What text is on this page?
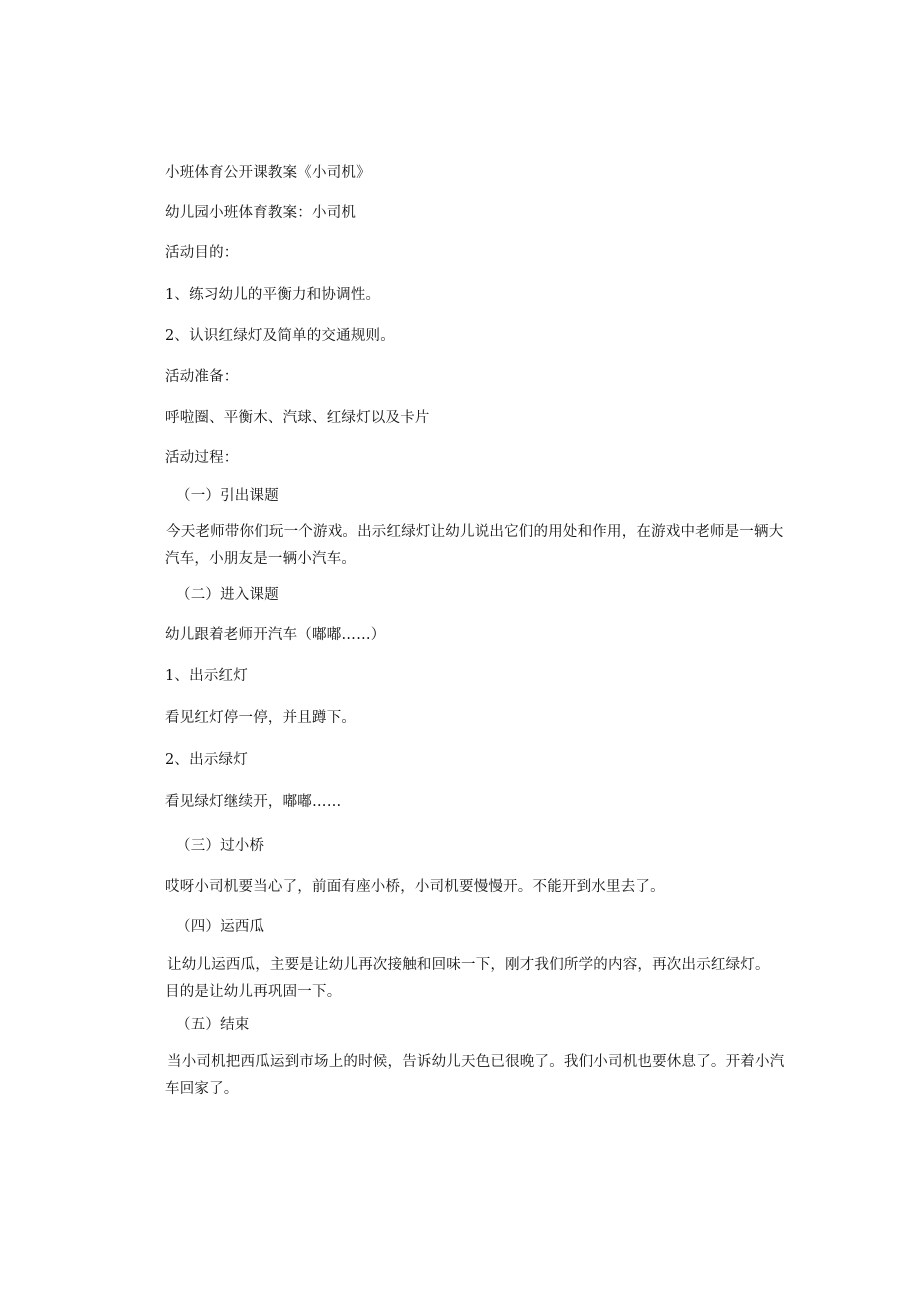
小班体育公开课教案《小司机》
幼儿园小班体育教案：小司机
活动目的：
1、练习幼儿的平衡力和协调性。
2、认识红绿灯及简单的交通规则。
活动准备：
呼啦圈、平衡木、汽球、红绿灯以及卡片
活动过程：
（一）引出课题
今天老师带你们玩一个游戏。出示红绿灯让幼儿说出它们的用处和作用，在游戏中老师是一辆大汽车，小朋友是一辆小汽车。
（二）进入课题
幼儿跟着老师开汽车（嘟嘟……）
1、出示红灯
看见红灯停一停，并且蹲下。
2、出示绿灯
看见绿灯继续开，嘟嘟……
（三）过小桥
哎呀小司机要当心了，前面有座小桥，小司机要慢慢开。不能开到水里去了。
（四）运西瓜
让幼儿运西瓜，主要是让幼儿再次接触和回味一下，刚才我们所学的内容，再次出示红绿灯。目的是让幼儿再巩固一下。
（五）结束
当小司机把西瓜运到市场上的时候，告诉幼儿天色已很晚了。我们小司机也要休息了。开着小汽车回家了。
